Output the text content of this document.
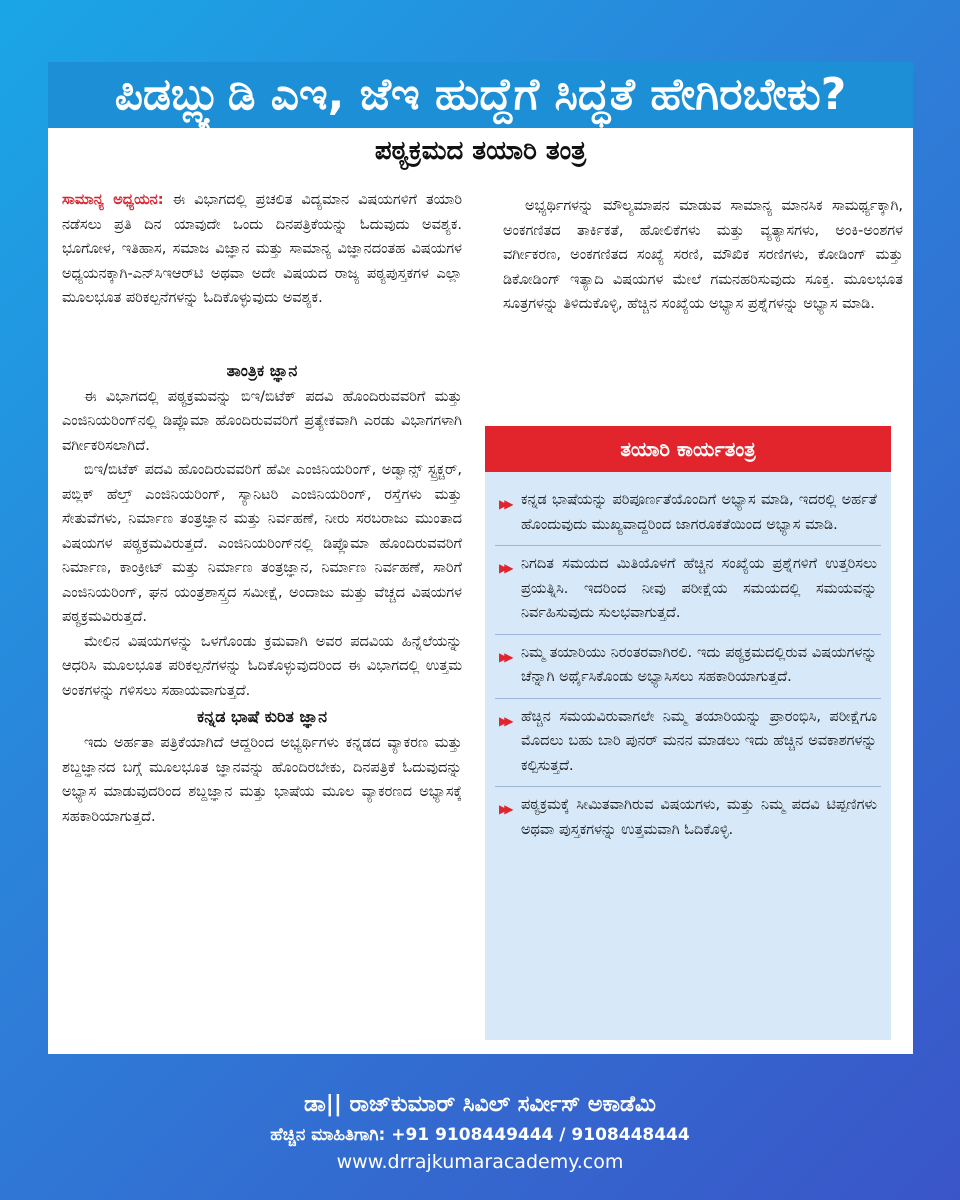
ಪಿಡಬ್ಲ್ಯುಡಿ ಎಇ, ಜೆಇ ಹುದ್ದೆಗೆ ಸಿದ್ಧತೆ ಹೇಗಿರಬೇಕು?
ಪಠ್ಯಕ್ರಮದ ತಯಾರಿ ತಂತ್ರ

ಸಾಮಾನ್ಯ ಅಧ್ಯಯನ: ಈ ವಿಭಾಗದಲ್ಲಿ ಪ್ರಚಲಿತ ವಿದ್ಯಮಾನ ವಿಷಯಗಳಿಗೆ ತಯಾರಿ ನಡೆಸಲು ಪ್ರತಿ ದಿನ ಯಾವುದೇ ಒಂದು ದಿನಪತ್ರಿಕೆಯನ್ನು ಓದುವುದು ಅವಶ್ಯಕ. ಭೂಗೋಳ, ಇತಿಹಾಸ, ಸಮಾಜ ವಿಜ್ಞಾನ ಮತ್ತು ಸಾಮಾನ್ಯ ವಿಜ್ಞಾನದಂತಹ ವಿಷಯಗಳ ಅಧ್ಯಯನಕ್ಕಾಗಿ-ಎನ್‌ಸಿಇಆರ್‌ಟಿ ಅಥವಾ ಅದೇ ವಿಷಯದ ರಾಜ್ಯ ಪಠ್ಯಪುಸ್ತಕಗಳ ಎಲ್ಲಾ ಮೂಲಭೂತ ಪರಿಕಲ್ಪನೆಗಳನ್ನು ಓದಿಕೊಳ್ಳುವುದು ಅವಶ್ಯಕ.

ತಾಂತ್ರಿಕ ಜ್ಞಾನ

ಈ ವಿಭಾಗದಲ್ಲಿ ಪಠ್ಯಕ್ರಮವನ್ನು ಬಿಇ/ಬಿಟೆಕ್ ಪದವಿ ಹೊಂದಿರುವವರಿಗೆ ಮತ್ತು ಎಂಜಿನಿಯರಿಂಗ್‌ನಲ್ಲಿ ಡಿಪ್ಲೊಮಾ ಹೊಂದಿರುವವರಿಗೆ ಪ್ರತ್ಯೇಕವಾಗಿ ಎರಡು ವಿಭಾಗಗಳಾಗಿ ವರ್ಗೀಕರಿಸಲಾಗಿದೆ.

ಬಿಇ/ಬಿಟೆಕ್ ಪದವಿ ಹೊಂದಿರುವವರಿಗೆ ಹೆವೀ ಎಂಜಿನಿಯರಿಂಗ್, ಅಡ್ವಾನ್ಸ್ ಸ್ಟ್ರಕ್ಚರ್, ಪಬ್ಲಿಕ್ ಹೆಲ್ತ್ ಎಂಜಿನಿಯರಿಂಗ್, ಸ್ಯಾನಿಟರಿ ಎಂಜಿನಿಯರಿಂಗ್, ರಸ್ತೆಗಳು ಮತ್ತು ಸೇತುವೆಗಳು, ನಿರ್ಮಾಣ ತಂತ್ರಜ್ಞಾನ ಮತ್ತು ನಿರ್ವಹಣೆ, ನೀರು ಸರಬರಾಜು ಮುಂತಾದ ವಿಷಯಗಳ ಪಠ್ಯಕ್ರಮವಿರುತ್ತದೆ. ಎಂಜಿನಿಯರಿಂಗ್‌ನಲ್ಲಿ ಡಿಪ್ಲೊಮಾ ಹೊಂದಿರುವವರಿಗೆ ನಿರ್ಮಾಣ, ಕಾಂಕ್ರೀಟ್ ಮತ್ತು ನಿರ್ಮಾಣ ತಂತ್ರಜ್ಞಾನ, ನಿರ್ಮಾಣ ನಿರ್ವಹಣೆ, ಸಾರಿಗೆ ಎಂಜಿನಿಯರಿಂಗ್, ಘನ ಯಂತ್ರಶಾಸ್ತ್ರದ ಸಮೀಕ್ಷೆ, ಅಂದಾಜು ಮತ್ತು ವೆಚ್ಚದ ವಿಷಯಗಳ ಪಠ್ಯಕ್ರಮವಿರುತ್ತದೆ.

ಮೇಲಿನ ವಿಷಯಗಳನ್ನು ಒಳಗೊಂಡು ಕ್ರಮವಾಗಿ ಅವರ ಪದವಿಯ ಹಿನ್ನೆಲೆಯನ್ನು ಆಧರಿಸಿ ಮೂಲಭೂತ ಪರಿಕಲ್ಪನೆಗಳನ್ನು ಓದಿಕೊಳ್ಳುವುದರಿಂದ ಈ ವಿಭಾಗದಲ್ಲಿ ಉತ್ತಮ ಅಂಕಗಳನ್ನು ಗಳಿಸಲು ಸಹಾಯವಾಗುತ್ತದೆ.

ಕನ್ನಡ ಭಾಷೆ ಕುರಿತ ಜ್ಞಾನ

ಇದು ಅರ್ಹತಾ ಪತ್ರಿಕೆಯಾಗಿದೆ ಆದ್ದರಿಂದ ಅಭ್ಯರ್ಥಿಗಳು ಕನ್ನಡದ ವ್ಯಾಕರಣ ಮತ್ತು ಶಬ್ದಜ್ಞಾನದ ಬಗ್ಗೆ ಮೂಲಭೂತ ಜ್ಞಾನವನ್ನು ಹೊಂದಿರಬೇಕು, ದಿನಪತ್ರಿಕೆ ಓದುವುದನ್ನು ಅಭ್ಯಾಸ ಮಾಡುವುದರಿಂದ ಶಬ್ದಜ್ಞಾನ ಮತ್ತು ಭಾಷೆಯ ಮೂಲ ವ್ಯಾಕರಣದ ಅಭ್ಯಾಸಕ್ಕೆ ಸಹಕಾರಿಯಾಗುತ್ತದೆ.

ಅಭ್ಯರ್ಥಿಗಳನ್ನು ಮೌಲ್ಯಮಾಪನ ಮಾಡುವ ಸಾಮಾನ್ಯ ಮಾನಸಿಕ ಸಾಮರ್ಥ್ಯಕ್ಕಾಗಿ, ಅಂಕಗಣಿತದ ತಾರ್ಕಿಕತೆ, ಹೋಲಿಕೆಗಳು ಮತ್ತು ವ್ಯತ್ಯಾಸಗಳು, ಅಂಕಿ-ಅಂಶಗಳ ವರ್ಗೀಕರಣ, ಅಂಕಗಣಿತದ ಸಂಖ್ಯೆ ಸರಣಿ, ಮೌಖಿಕ ಸರಣಿಗಳು, ಕೋಡಿಂಗ್ ಮತ್ತು ಡಿಕೋಡಿಂಗ್ ಇತ್ಯಾದಿ ವಿಷಯಗಳ ಮೇಲೆ ಗಮನಹರಿಸುವುದು ಸೂಕ್ತ. ಮೂಲಭೂತ ಸೂತ್ರಗಳನ್ನು ತಿಳಿದುಕೊಳ್ಳಿ, ಹೆಚ್ಚಿನ ಸಂಖ್ಯೆಯ ಅಭ್ಯಾಸ ಪ್ರಶ್ನೆಗಳನ್ನು ಅಭ್ಯಾಸ ಮಾಡಿ.

ತಯಾರಿ ಕಾರ್ಯತಂತ್ರ
▶▶ ಕನ್ನಡ ಭಾಷೆಯನ್ನು ಪರಿಪೂರ್ಣತೆಯೊಂದಿಗೆ ಅಭ್ಯಾಸ ಮಾಡಿ, ಇದರಲ್ಲಿ ಅರ್ಹತೆ ಹೊಂದುವುದು ಮುಖ್ಯವಾದ್ದರಿಂದ ಜಾಗರೂಕತೆಯಿಂದ ಅಭ್ಯಾಸ ಮಾಡಿ.
▶▶ ನಿಗದಿತ ಸಮಯದ ಮಿತಿಯೊಳಗೆ ಹೆಚ್ಚಿನ ಸಂಖ್ಯೆಯ ಪ್ರಶ್ನೆಗಳಿಗೆ ಉತ್ತರಿಸಲು ಪ್ರಯತ್ನಿಸಿ. ಇದರಿಂದ ನೀವು ಪರೀಕ್ಷೆಯ ಸಮಯದಲ್ಲಿ ಸಮಯವನ್ನು ನಿರ್ವಹಿಸುವುದು ಸುಲಭವಾಗುತ್ತದೆ.
▶▶ ನಿಮ್ಮ ತಯಾರಿಯು ನಿರಂತರವಾಗಿರಲಿ. ಇದು ಪಠ್ಯಕ್ರಮದಲ್ಲಿರುವ ವಿಷಯಗಳನ್ನು ಚೆನ್ನಾಗಿ ಅರ್ಥೈಸಿಕೊಂಡು ಅಭ್ಯಾಸಿಸಲು ಸಹಕಾರಿಯಾಗುತ್ತದೆ.
▶▶ ಹೆಚ್ಚಿನ ಸಮಯವಿರುವಾಗಲೇ ನಿಮ್ಮ ತಯಾರಿಯನ್ನು ಪ್ರಾರಂಭಿಸಿ, ಪರೀಕ್ಷೆಗೂ ಮೊದಲು ಬಹು ಬಾರಿ ಪುನರ್ ಮನನ ಮಾಡಲು ಇದು ಹೆಚ್ಚಿನ ಅವಕಾಶಗಳನ್ನು ಕಲ್ಪಿಸುತ್ತದೆ.
▶▶ ಪಠ್ಯಕ್ರಮಕ್ಕೆ ಸೀಮಿತವಾಗಿರುವ ವಿಷಯಗಳು, ಮತ್ತು ನಿಮ್ಮ ಪದವಿ ಟಿಪ್ಪಣಿಗಳು ಅಥವಾ ಪುಸ್ತಕಗಳನ್ನು ಉತ್ತಮವಾಗಿ ಓದಿಕೊಳ್ಳಿ.
ಡಾ|| ರಾಜ್‌ಕುಮಾರ್ ಸಿವಿಲ್ ಸರ್ವೀಸ್ ಅಕಾಡೆಮಿ
ಹೆಚ್ಚಿನ ಮಾಹಿತಿಗಾಗಿ: +91 9108449444 / 9108448444
www.drrajkumaracademy.com
